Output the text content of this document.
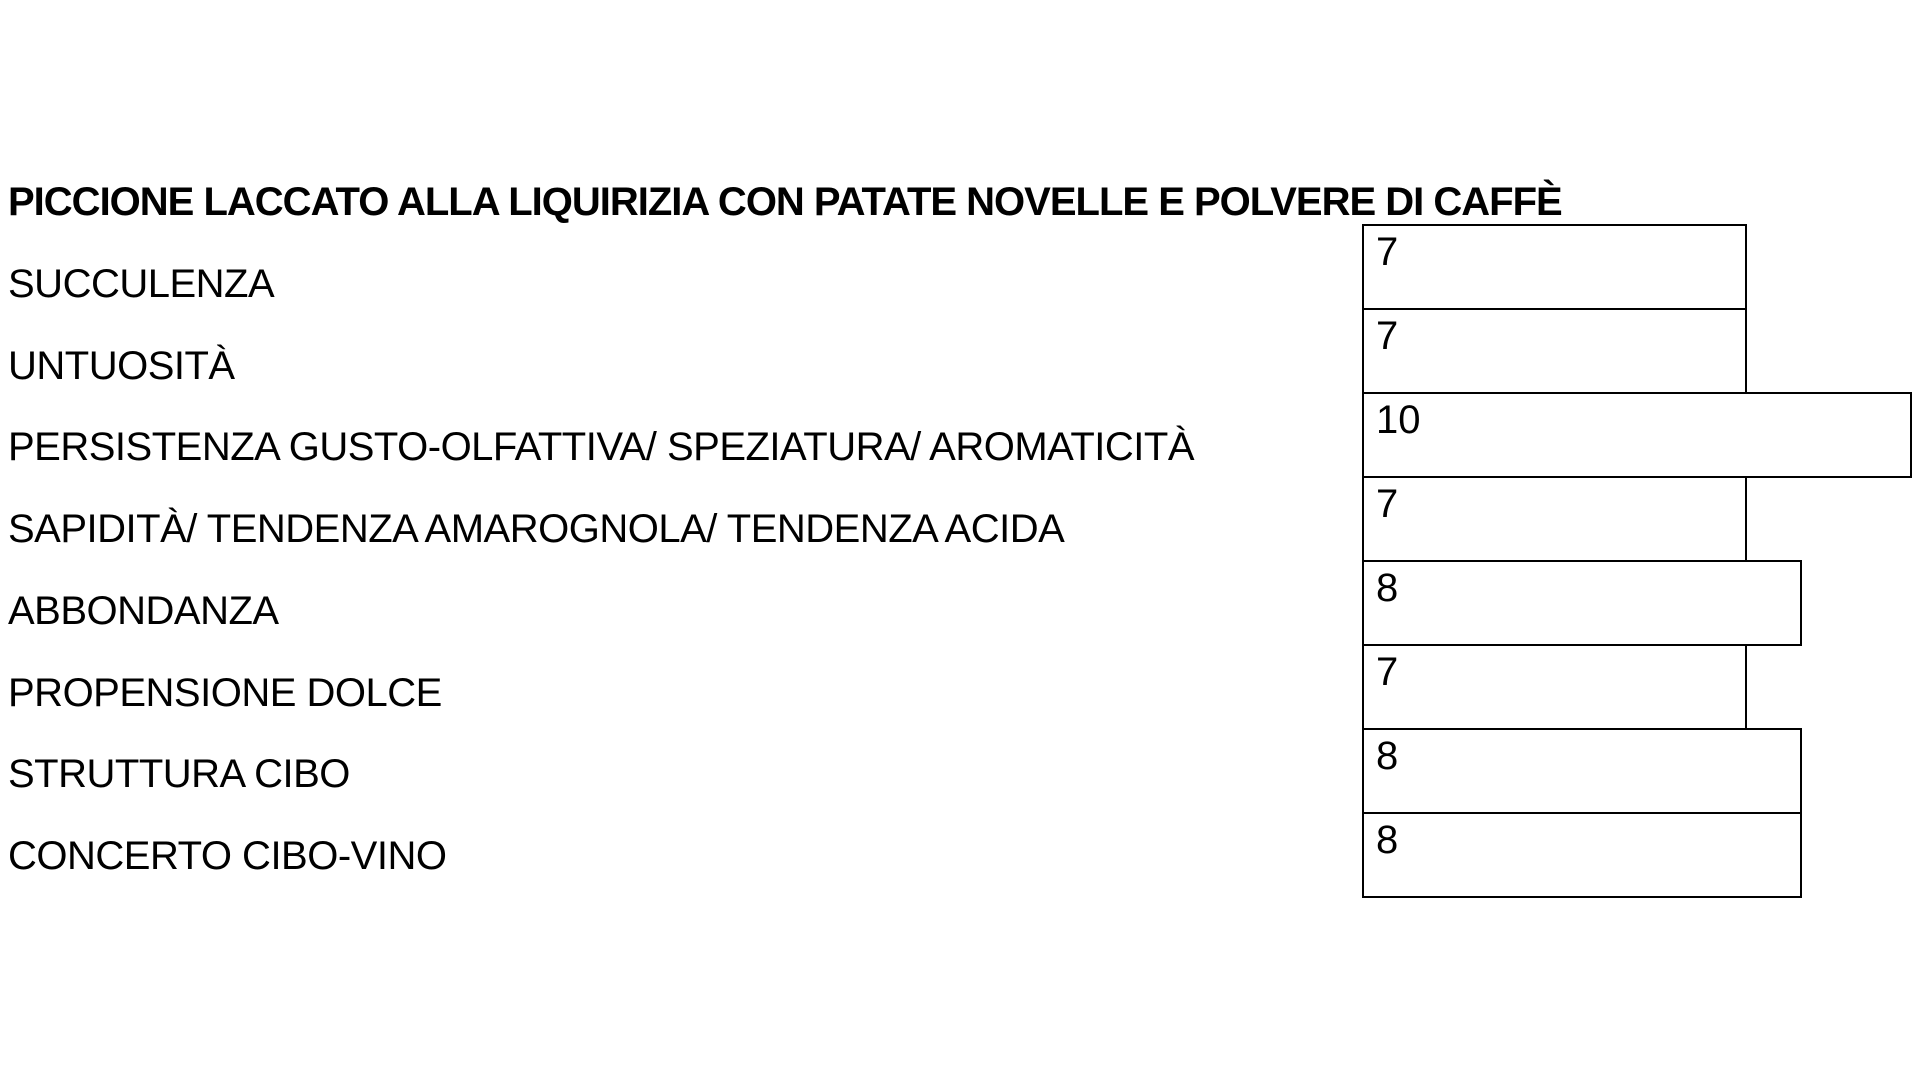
PICCIONE LACCATO ALLA LIQUIRIZIA CON PATATE NOVELLE E POLVERE DI CAFFÈ
SUCCULENZA
UNTUOSITÀ
PERSISTENZA GUSTO-OLFATTIVA/ SPEZIATURA/ AROMATICITÀ
SAPIDITÀ/ TENDENZA AMAROGNOLA/ TENDENZA ACIDA
ABBONDANZA
PROPENSIONE DOLCE
STRUTTURA CIBO
CONCERTO CIBO-VINO
7
7
10
7
8
7
8
8
